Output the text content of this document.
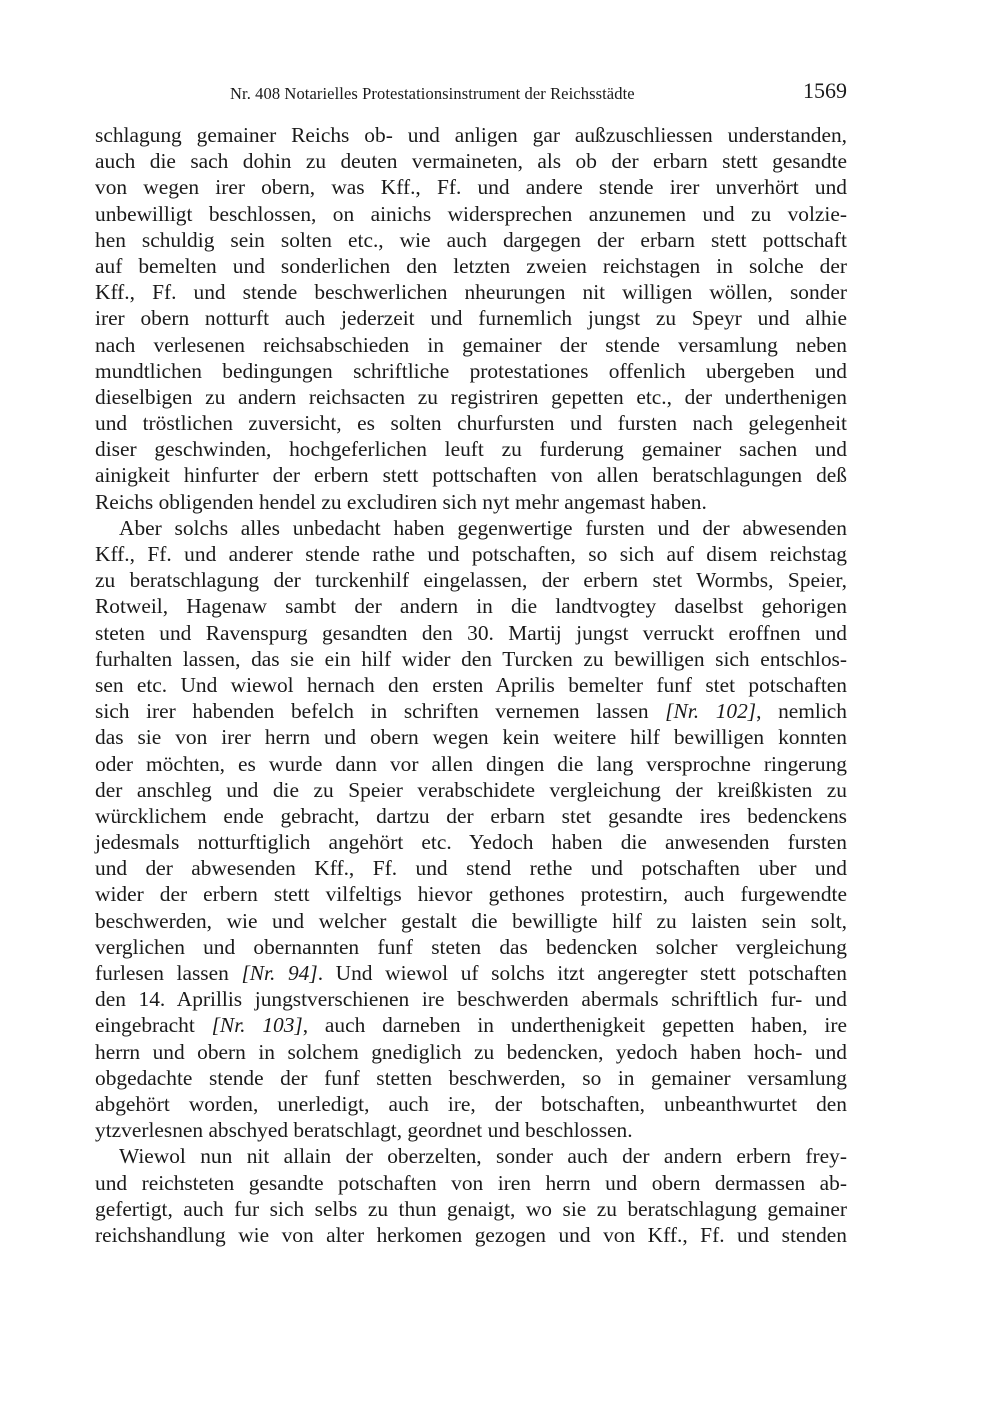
Nr. 408 Notarielles Protestationsinstrument der Reichsstädte	1569
schlagung gemainer Reichs ob- und anligen gar außzuschliessen understanden,
auch die sach dohin zu deuten vermaineten, als ob der erbarn stett gesandte
von wegen irer obern, was Kff., Ff. und andere stende irer unverhört und
unbewilligt beschlossen, on ainichs widersprechen anzunemen und zu volzie-
hen schuldig sein solten etc., wie auch dargegen der erbarn stett pottschaft
auf bemelten und sonderlichen den letzten zweien reichstagen in solche der
Kff., Ff. und stende beschwerlichen nheurungen nit willigen wöllen, sonder
irer obern notturft auch jederzeit und furnemlich jungst zu Speyr und alhie
nach verlesenen reichsabschieden in gemainer der stende versamlung neben
mundtlichen bedingungen schriftliche protestationes offenlich ubergeben und
dieselbigen zu andern reichsacten zu registriren gepetten etc., der underthenigen
und tröstlichen zuversicht, es solten churfursten und fursten nach gelegenheit
diser geschwinden, hochgeferlichen leuft zu furderung gemainer sachen und
ainigkeit hinfurter der erbern stett pottschaften von allen beratschlagungen deß
Reichs obligenden hendel zu excludiren sich nyt mehr angemast haben.
Aber solchs alles unbedacht haben gegenwertige fursten und der abwesenden
Kff., Ff. und anderer stende rathe und potschaften, so sich auf disem reichstag
zu beratschlagung der turckenhilf eingelassen, der erbern stet Wormbs, Speier,
Rotweil, Hagenaw sambt der andern in die landtvogtey daselbst gehorigen
steten und Ravenspurg gesandten den 30. Martij jungst verruckt eroffnen und
furhalten lassen, das sie ein hilf wider den Turcken zu bewilligen sich entschlos-
sen etc. Und wiewol hernach den ersten Aprilis bemelter funf stet potschaften
sich irer habenden befelch in schriften vernemen lassen [Nr. 102], nemlich
das sie von irer herrn und obern wegen kein weitere hilf bewilligen konnten
oder möchten, es wurde dann vor allen dingen die lang versprochne ringerung
der anschleg und die zu Speier verabschidete vergleichung der kreißkisten zu
würcklichem ende gebracht, dartzu der erbarn stet gesandte ires bedenckens
jedesmals notturftiglich angehört etc. Yedoch haben die anwesenden fursten
und der abwesenden Kff., Ff. und stend rethe und potschaften uber und
wider der erbern stett vilfeltigs hievor gethones protestirn, auch furgewendte
beschwerden, wie und welcher gestalt die bewilligte hilf zu laisten sein solt,
verglichen und obernannten funf steten das bedencken solcher vergleichung
furlesen lassen [Nr. 94]. Und wiewol uf solchs itzt angeregter stett potschaften
den 14. Aprillis jungstverschienen ire beschwerden abermals schriftlich fur- und
eingebracht [Nr. 103], auch darneben in underthenigkeit gepetten haben, ire
herrn und obern in solchem gnediglich zu bedencken, yedoch haben hoch- und
obgedachte stende der funf stetten beschwerden, so in gemainer versamlung
abgehört worden, unerledigt, auch ire, der botschaften, unbeanthwurtet den
ytzverlesnen abschyed beratschlagt, geordnet und beschlossen.
Wiewol nun nit allain der oberzelten, sonder auch der andern erbern frey-
und reichsteten gesandte potschaften von iren herrn und obern dermassen ab-
gefertigt, auch fur sich selbs zu thun genaigt, wo sie zu beratschlagung gemainer
reichshandlung wie von alter herkomen gezogen und von Kff., Ff. und stenden
